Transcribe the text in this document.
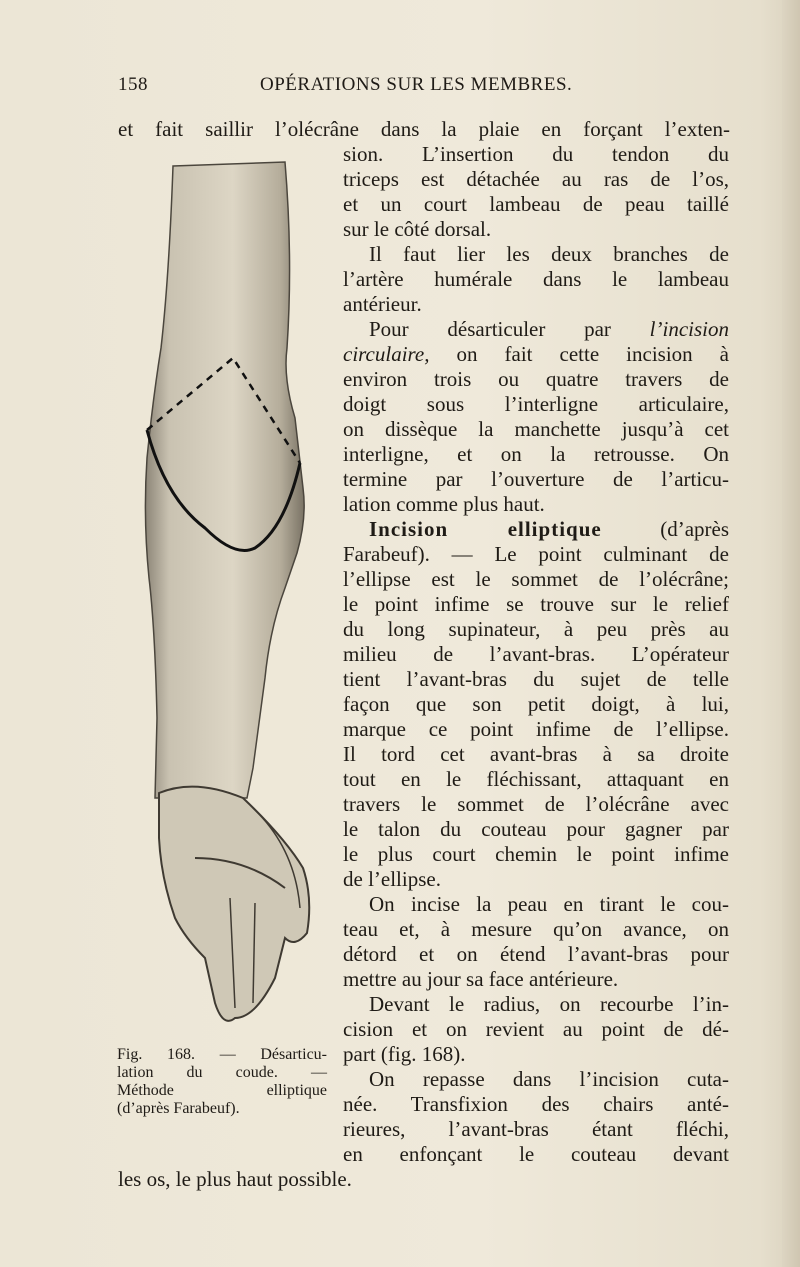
158	OPÉRATIONS SUR LES MEMBRES.
et fait saillir l’olécrâne dans la plaie en forçant l’exten-
sion. L’insertion du tendon du
triceps est détachée au ras de l’os,
et un court lambeau de peau taillé
sur le côté dorsal.
Il faut lier les deux branches de
l’artère humérale dans le lambeau
antérieur.
Pour désarticuler par l’incision
circulaire, on fait cette incision à
environ trois ou quatre travers de
doigt sous l’interligne articulaire,
on dissèque la manchette jusqu’à cet
interligne, et on la retrousse. On
termine par l’ouverture de l’articu-
lation comme plus haut.
Incision elliptique (d’après
Farabeuf). — Le point culminant de
l’ellipse est le sommet de l’olécrâne;
le point infime se trouve sur le relief
du long supinateur, à peu près au
milieu de l’avant-bras. L’opérateur
tient l’avant-bras du sujet de telle
façon que son petit doigt, à lui,
marque ce point infime de l’ellipse.
Il tord cet avant-bras à sa droite
tout en le fléchissant, attaquant en
travers le sommet de l’olécrâne avec
le talon du couteau pour gagner par
le plus court chemin le point infime
de l’ellipse.
On incise la peau en tirant le cou-
teau et, à mesure qu’on avance, on
détord et on étend l’avant-bras pour
mettre au jour sa face antérieure.
Devant le radius, on recourbe l’in-
cision et on revient au point de dé-
part (fig. 168).
On repasse dans l’incision cuta-
née. Transfixion des chairs anté-
rieures, l’avant-bras étant fléchi,
en enfonçant le couteau devant
les os, le plus haut possible.
Fig. 168. — Désarticu-
lation du coude. —
Méthode elliptique
(d’après Farabeuf).
